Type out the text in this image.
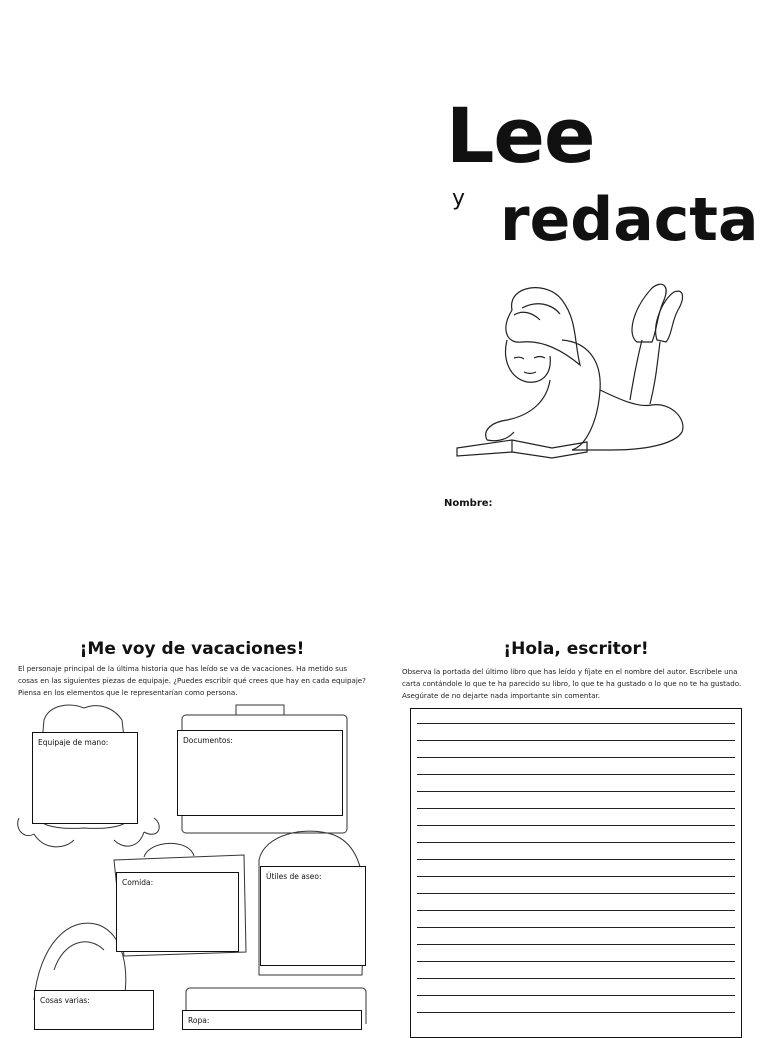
Lee
y redacta
Nombre:
¡Me voy de vacaciones!
El personaje principal de la última historia que has leído se va de vacaciones. Ha metido sus cosas en las siguientes piezas de equipaje. ¿Puedes escribir qué crees que hay en cada equipaje? Piensa en los elementos que le representarían como persona.
Equipaje de mano:	Documentos:
Comida:
Útiles de aseo:
Cosas varias:
Ropa:
¡Hola, escritor!
Observa la portada del último libro que has leído y fíjate en el nombre del autor. Escríbele una carta contándole lo que te ha parecido su libro, lo que te ha gustado o lo que no te ha gustado. Asegúrate de no dejarte nada importante sin comentar.
